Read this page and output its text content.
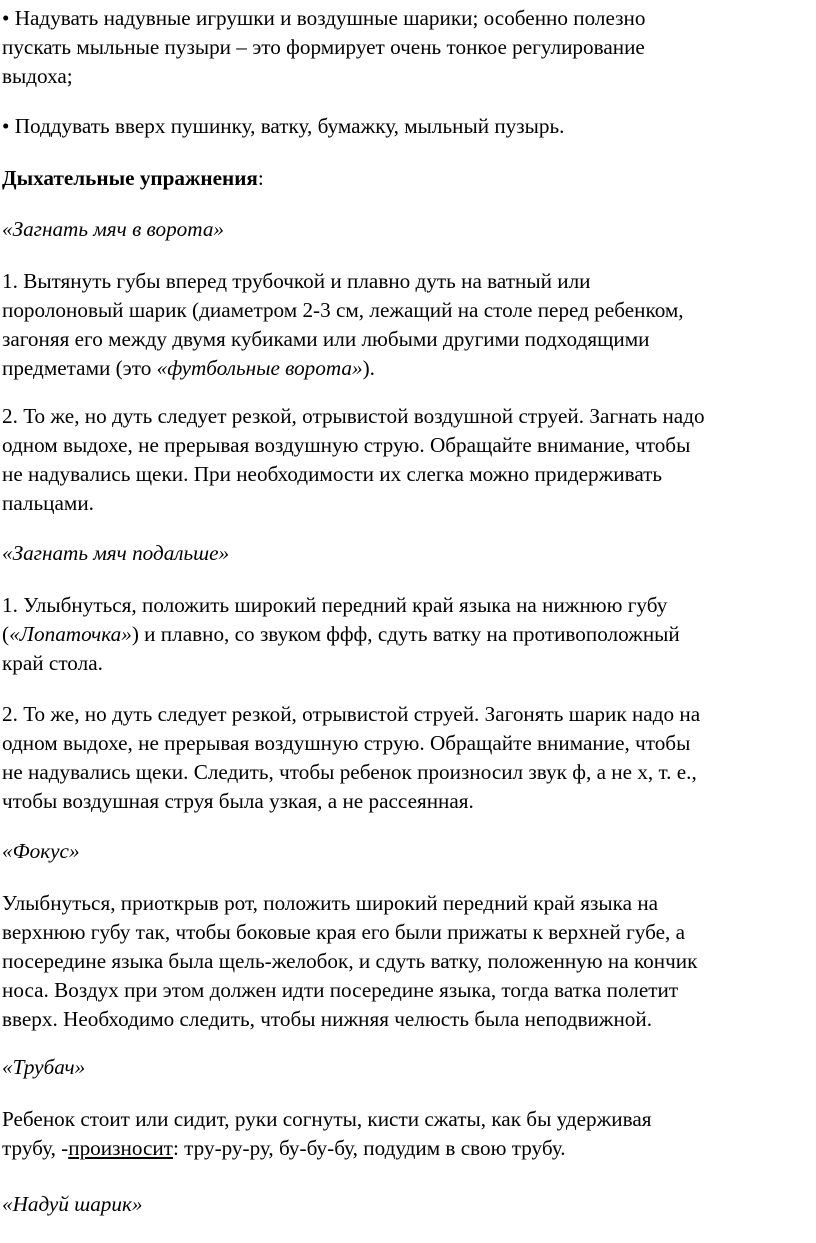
• Надувать надувные игрушки и воздушные шарики; особенно полезно
пускать мыльные пузыри – это формирует очень тонкое регулирование
выдоха;

• Поддувать вверх пушинку, ватку, бумажку, мыльный пузырь.

Дыхательные упражнения:

«Загнать мяч в ворота»

1. Вытянуть губы вперед трубочкой и плавно дуть на ватный или
поролоновый шарик (диаметром 2-3 см, лежащий на столе перед ребенком,
загоняя его между двумя кубиками или любыми другими подходящими
предметами (это «футбольные ворота»).

2. То же, но дуть следует резкой, отрывистой воздушной струей. Загнать надо
одном выдохе, не прерывая воздушную струю. Обращайте внимание, чтобы
не надувались щеки. При необходимости их слегка можно придерживать
пальцами.

«Загнать мяч подальше»

1. Улыбнуться, положить широкий передний край языка на нижнюю губу
(«Лопаточка») и плавно, со звуком ффф, сдуть ватку на противоположный
край стола.

2. То же, но дуть следует резкой, отрывистой струей. Загонять шарик надо на
одном выдохе, не прерывая воздушную струю. Обращайте внимание, чтобы
не надувались щеки. Следить, чтобы ребенок произносил звук ф, а не х, т. е.,
чтобы воздушная струя была узкая, а не рассеянная.

«Фокус»

Улыбнуться, приоткрыв рот, положить широкий передний край языка на
верхнюю губу так, чтобы боковые края его были прижаты к верхней губе, а
посередине языка была щель-желобок, и сдуть ватку, положенную на кончик
носа. Воздух при этом должен идти посередине языка, тогда ватка полетит
вверх. Необходимо следить, чтобы нижняя челюсть была неподвижной.

«Трубач»

Ребенок стоит или сидит, руки согнуты, кисти сжаты, как бы удерживая
трубу, -произносит: тру-ру-ру, бу-бу-бу, подудим в свою трубу.

«Надуй шарик»
